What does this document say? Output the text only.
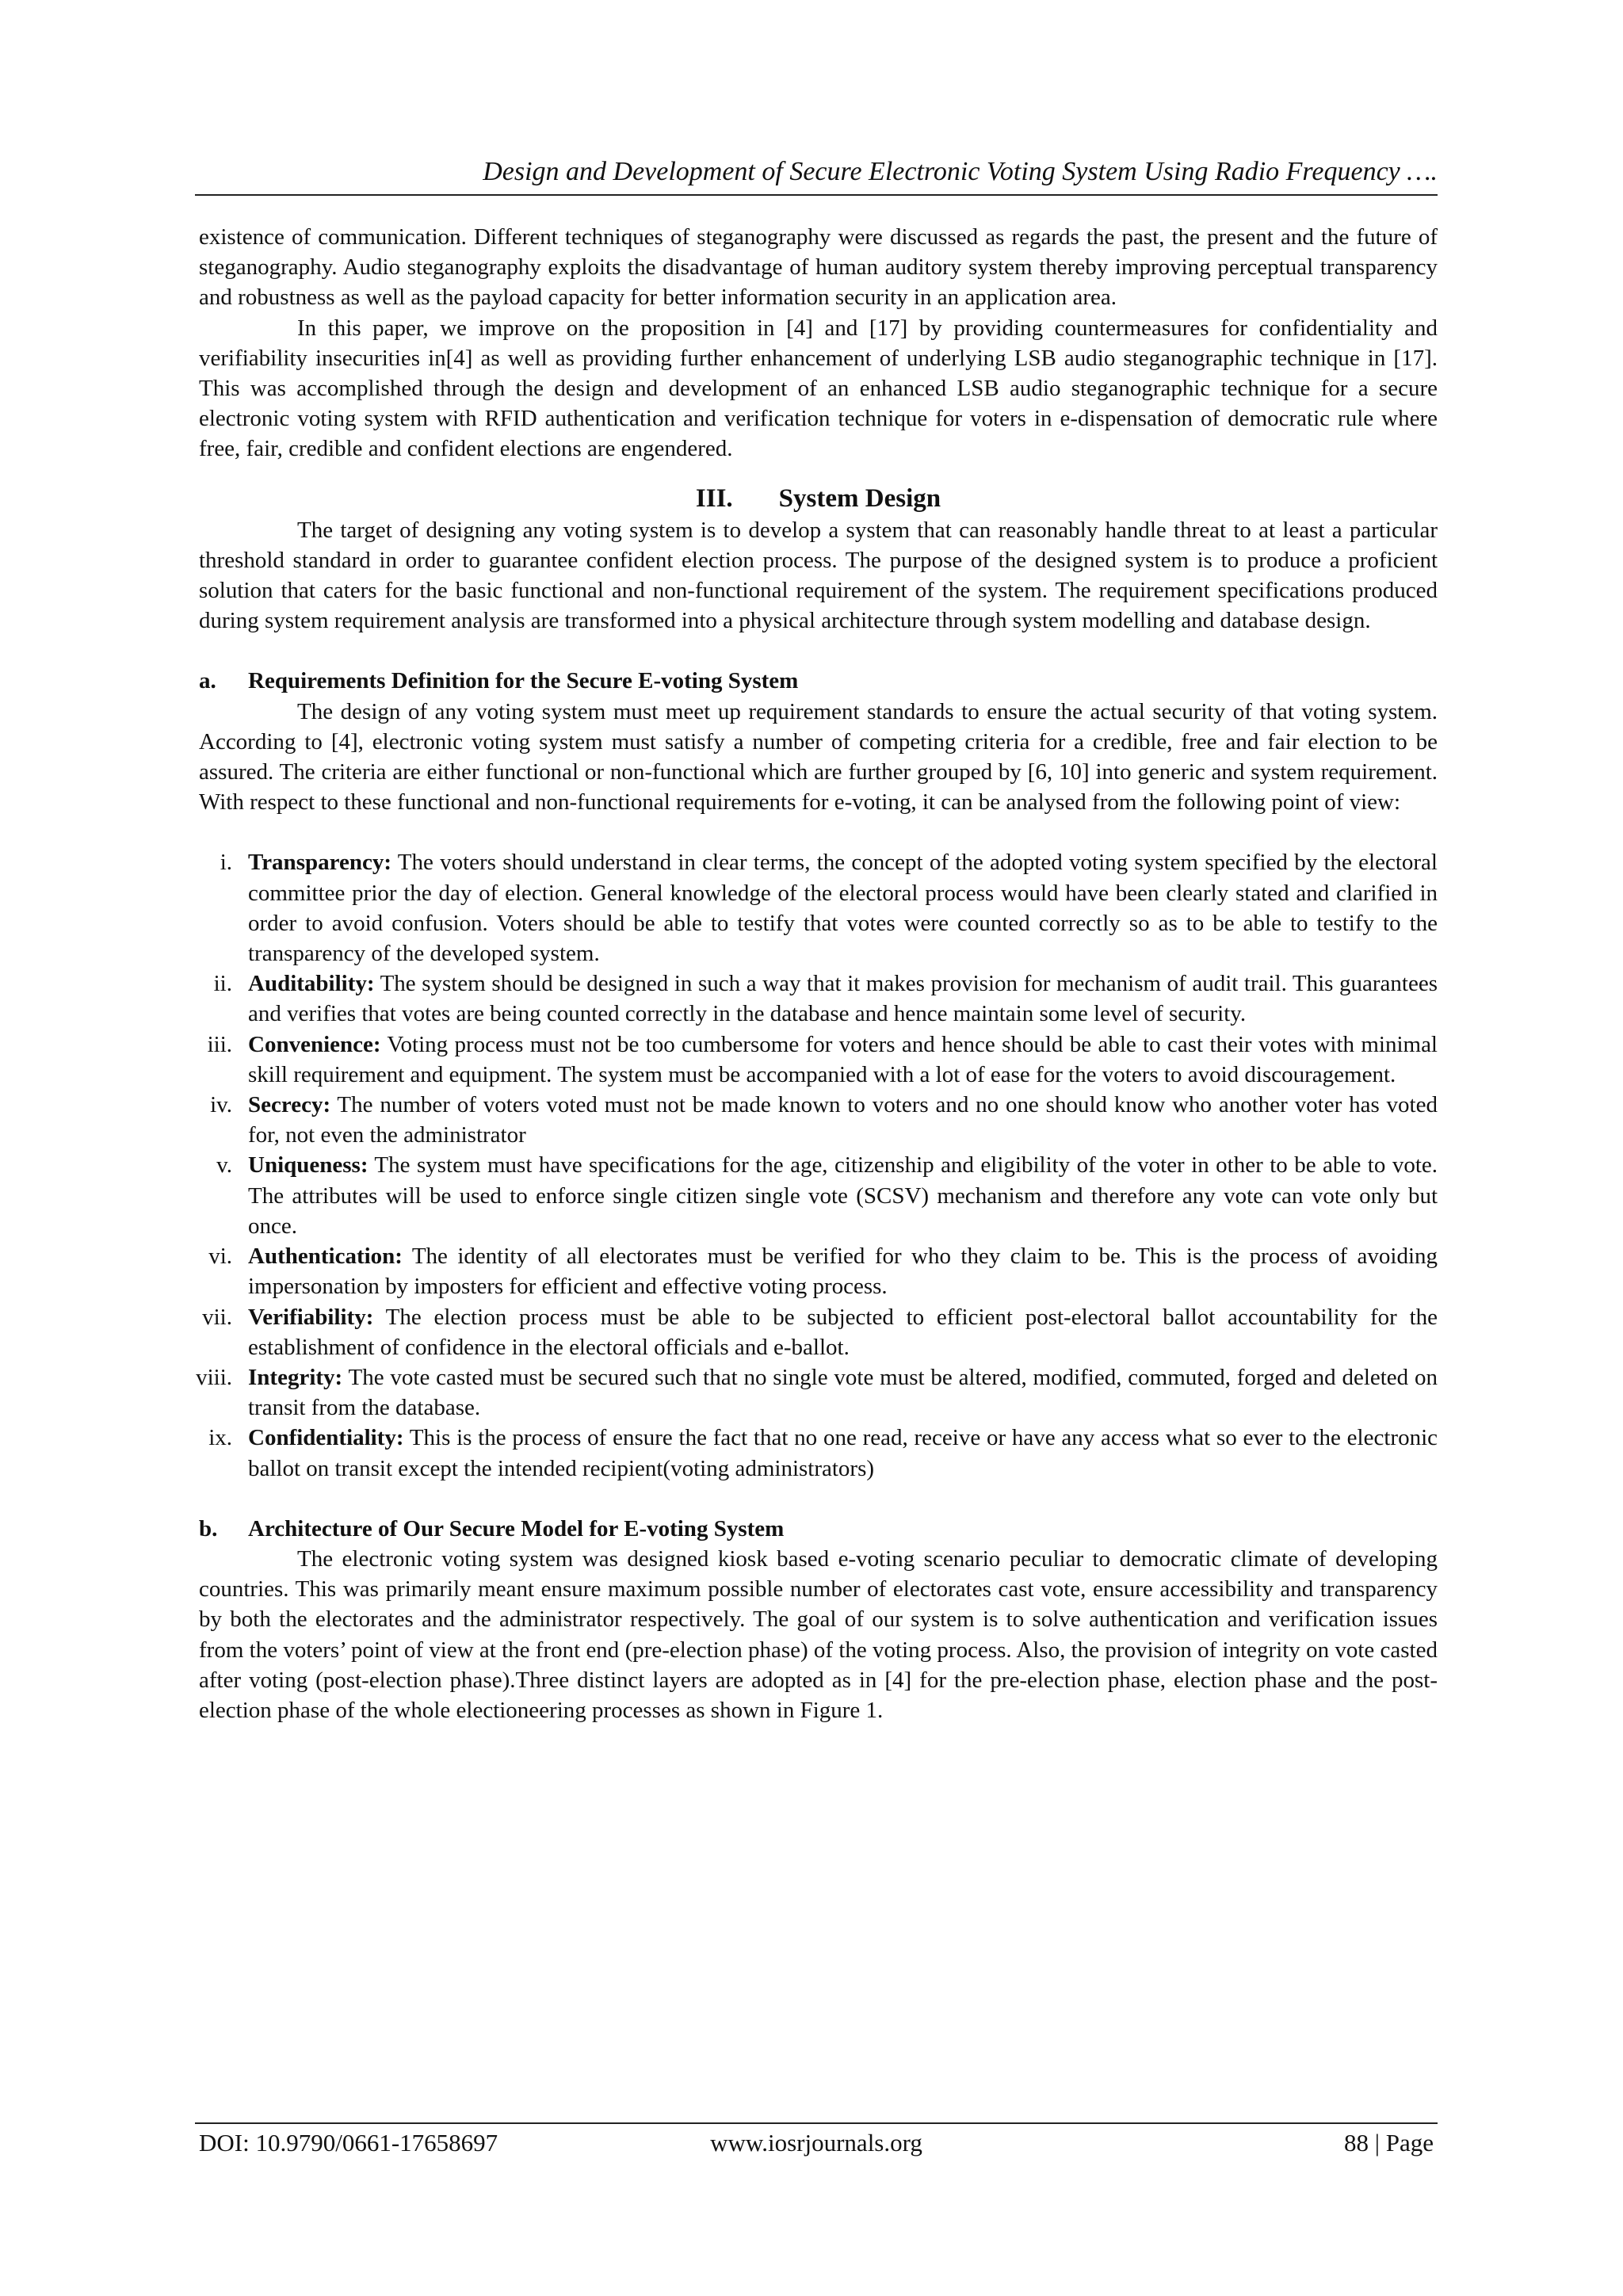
Design and Development of Secure Electronic Voting System Using Radio Frequency ….

existence of communication. Different techniques of steganography were discussed as regards the past, the present and the future of steganography. Audio steganography exploits the disadvantage of human auditory system thereby improving perceptual transparency and robustness as well as the payload capacity for better information security in an application area.

In this paper, we improve on the proposition in [4] and [17] by providing countermeasures for confidentiality and verifiability insecurities in[4] as well as providing further enhancement of underlying LSB audio steganographic technique in [17]. This was accomplished through the design and development of an enhanced LSB audio steganographic technique for a secure electronic voting system with RFID authentication and verification technique for voters in e-dispensation of democratic rule where free, fair, credible and confident elections are engendered.

III. System Design

The target of designing any voting system is to develop a system that can reasonably handle threat to at least a particular threshold standard in order to guarantee confident election process. The purpose of the designed system is to produce a proficient solution that caters for the basic functional and non-functional requirement of the system. The requirement specifications produced during system requirement analysis are transformed into a physical architecture through system modelling and database design.

a. Requirements Definition for the Secure E-voting System

The design of any voting system must meet up requirement standards to ensure the actual security of that voting system. According to [4], electronic voting system must satisfy a number of competing criteria for a credible, free and fair election to be assured. The criteria are either functional or non-functional which are further grouped by [6, 10] into generic and system requirement. With respect to these functional and non-functional requirements for e-voting, it can be analysed from the following point of view:

i. Transparency: The voters should understand in clear terms, the concept of the adopted voting system specified by the electoral committee prior the day of election. General knowledge of the electoral process would have been clearly stated and clarified in order to avoid confusion. Voters should be able to testify that votes were counted correctly so as to be able to testify to the transparency of the developed system.
ii. Auditability: The system should be designed in such a way that it makes provision for mechanism of audit trail. This guarantees and verifies that votes are being counted correctly in the database and hence maintain some level of security.
iii. Convenience: Voting process must not be too cumbersome for voters and hence should be able to cast their votes with minimal skill requirement and equipment. The system must be accompanied with a lot of ease for the voters to avoid discouragement.
iv. Secrecy: The number of voters voted must not be made known to voters and no one should know who another voter has voted for, not even the administrator
v. Uniqueness: The system must have specifications for the age, citizenship and eligibility of the voter in other to be able to vote. The attributes will be used to enforce single citizen single vote (SCSV) mechanism and therefore any vote can vote only but once.
vi. Authentication: The identity of all electorates must be verified for who they claim to be. This is the process of avoiding impersonation by imposters for efficient and effective voting process.
vii. Verifiability: The election process must be able to be subjected to efficient post-electoral ballot accountability for the establishment of confidence in the electoral officials and e-ballot.
viii. Integrity: The vote casted must be secured such that no single vote must be altered, modified, commuted, forged and deleted on transit from the database.
ix. Confidentiality: This is the process of ensure the fact that no one read, receive or have any access what so ever to the electronic ballot on transit except the intended recipient(voting administrators)
b. Architecture of Our Secure Model for E-voting System

The electronic voting system was designed kiosk based e-voting scenario peculiar to democratic climate of developing countries. This was primarily meant ensure maximum possible number of electorates cast vote, ensure accessibility and transparency by both the electorates and the administrator respectively. The goal of our system is to solve authentication and verification issues from the voters’ point of view at the front end (pre-election phase) of the voting process. Also, the provision of integrity on vote casted after voting (post-election phase).Three distinct layers are adopted as in [4] for the pre-election phase, election phase and the post-election phase of the whole electioneering processes as shown in Figure 1.

DOI: 10.9790/0661-17658697	www.iosrjournals.org	88 | Page
